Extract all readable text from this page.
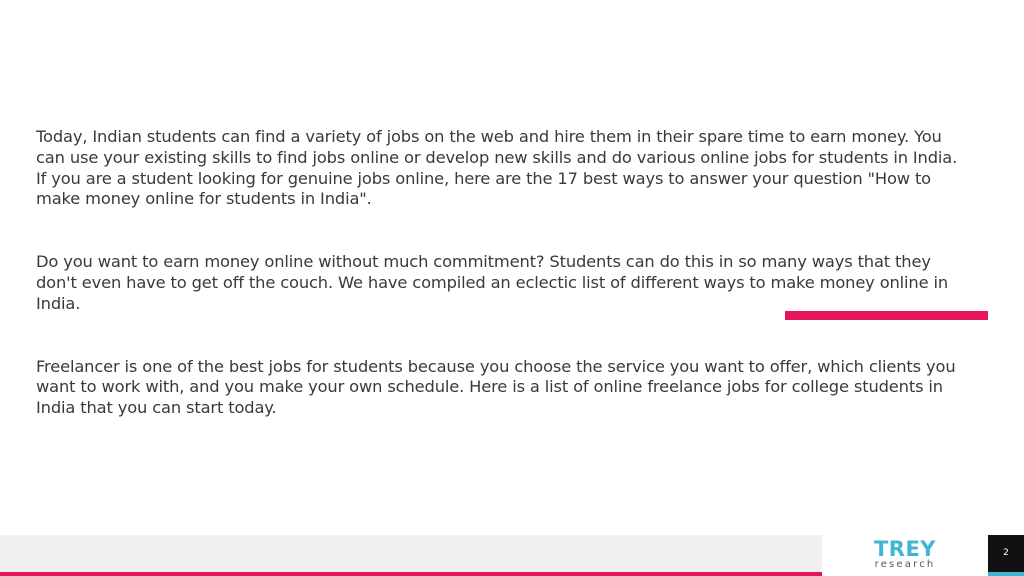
Today, Indian students can find a variety of jobs on the web and hire them in their spare time to earn money. You can use your existing skills to find jobs online or develop new skills and do various online jobs for students in India. If you are a student looking for genuine jobs online, here are the 17 best ways to answer your question "How to make money online for students in India".

Do you want to earn money online without much commitment? Students can do this in so many ways that they don't even have to get off the couch. We have compiled an eclectic list of different ways to make money online in India.

Freelancer is one of the best jobs for students because you choose the service you want to offer, which clients you want to work with, and you make your own schedule. Here is a list of online freelance jobs for college students in India that you can start today.

TREY
research
2
